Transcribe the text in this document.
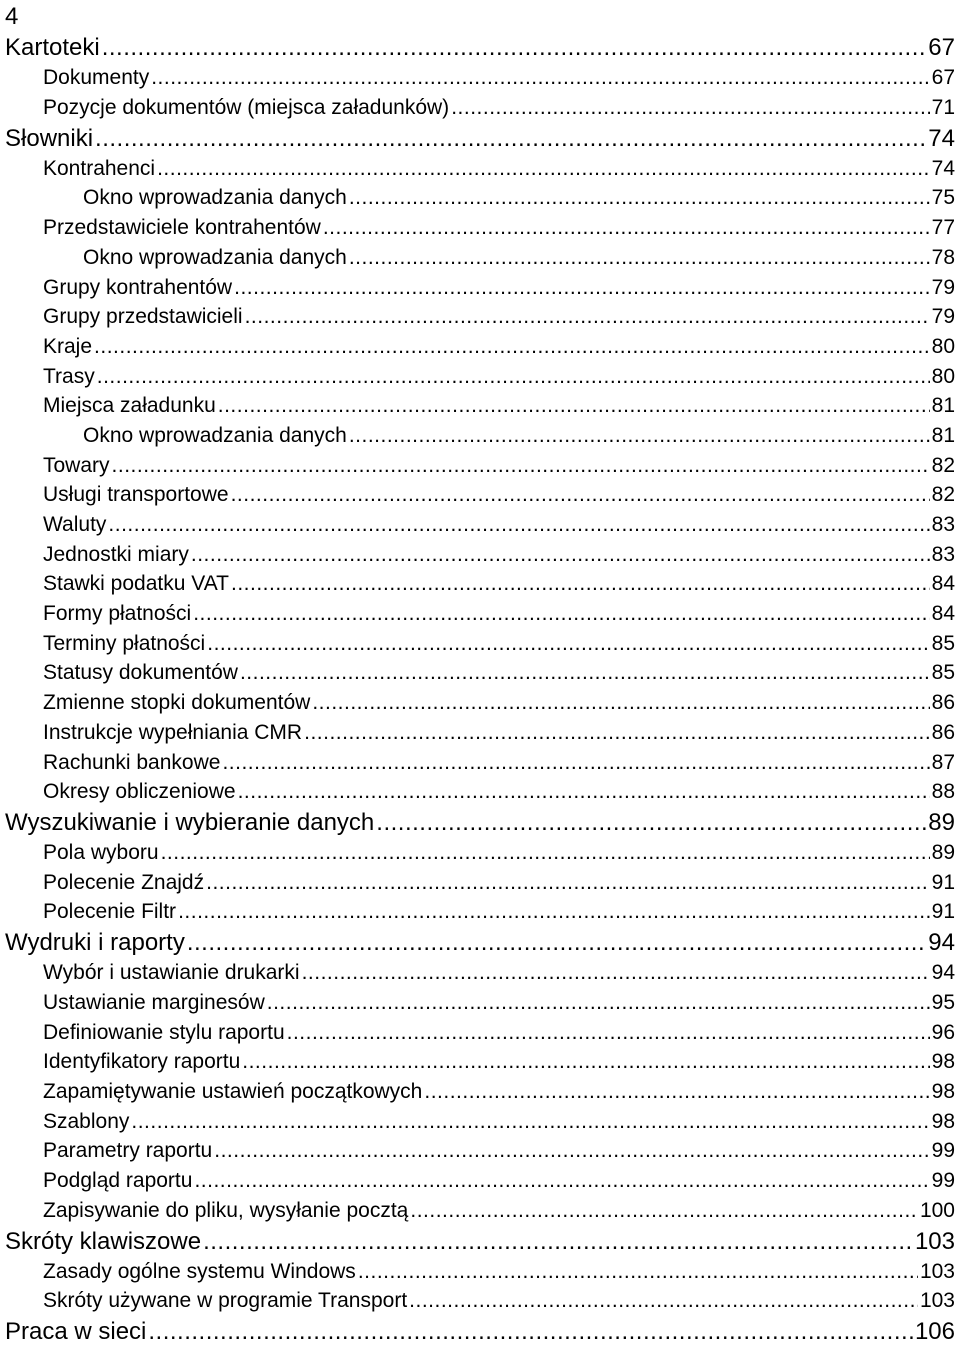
4
Kartoteki .....	67
Dokumenty .....	67
Pozycje dokumentów (miejsca załadunków) .....	71
Słowniki .....	74
Kontrahenci .....	74
Okno wprowadzania danych .....	75
Przedstawiciele kontrahentów .....	77
Okno wprowadzania danych .....	78
Grupy kontrahentów .....	79
Grupy przedstawicieli .....	79
Kraje .....	80
Trasy .....	80
Miejsca załadunku .....	81
Okno wprowadzania danych .....	81
Towary .....	82
Usługi transportowe .....	82
Waluty .....	83
Jednostki miary .....	83
Stawki podatku VAT .....	84
Formy płatności .....	84
Terminy płatności .....	85
Statusy dokumentów .....	85
Zmienne stopki dokumentów .....	86
Instrukcje wypełniania CMR .....	86
Rachunki bankowe .....	87
Okresy obliczeniowe .....	88
Wyszukiwanie i wybieranie danych .....	89
Pola wyboru .....	89
Polecenie Znajdź .....	91
Polecenie Filtr .....	91
Wydruki i raporty .....	94
Wybór i ustawianie drukarki .....	94
Ustawianie marginesów .....	95
Definiowanie stylu raportu .....	96
Identyfikatory raportu .....	98
Zapamiętywanie ustawień początkowych .....	98
Szablony .....	98
Parametry raportu .....	99
Podgląd raportu .....	99
Zapisywanie do pliku, wysyłanie pocztą .....	100
Skróty klawiszowe .....	103
Zasady ogólne systemu Windows .....	103
Skróty używane w programie Transport .....	103
Praca w sieci .....	106
